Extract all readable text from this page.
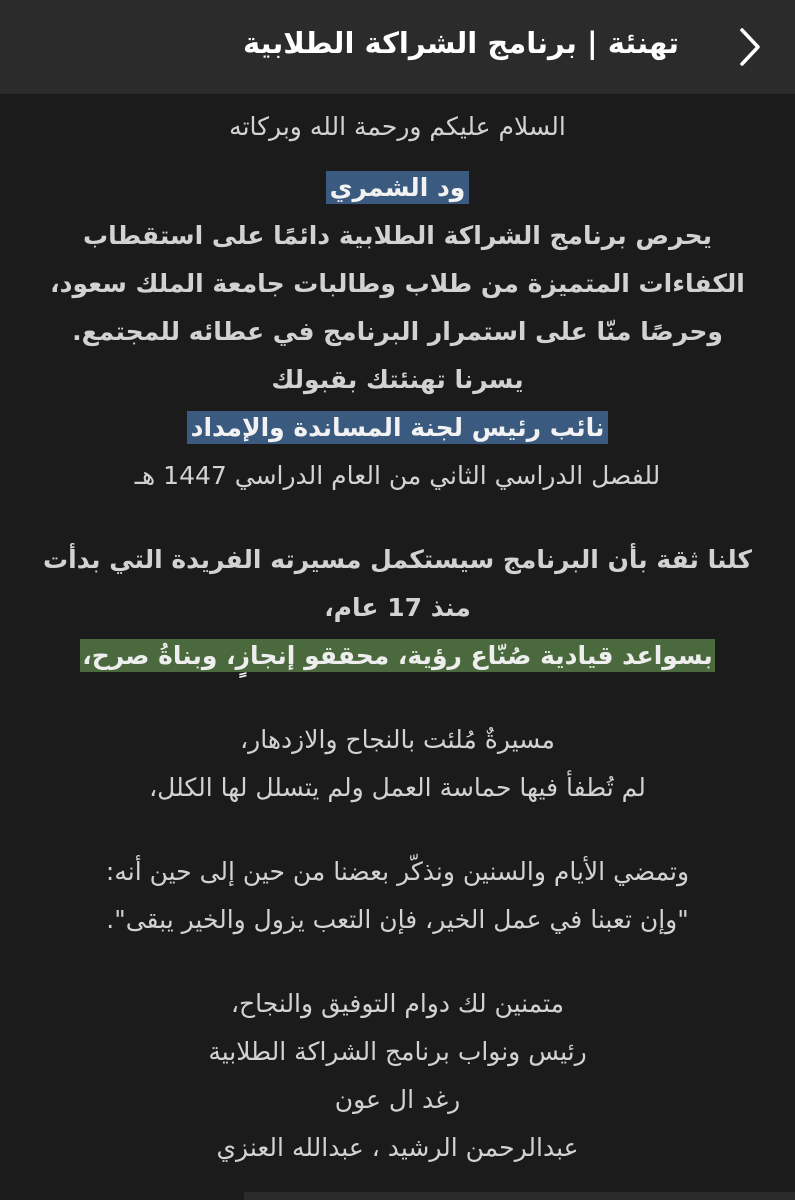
تهنئة | برنامج الشراكة الطلابية
السلام عليكم ورحمة الله وبركاته
ود الشمري
يحرص برنامج الشراكة الطلابية دائمًا على استقطاب
الكفاءات المتميزة من طلاب وطالبات جامعة الملك سعود،
وحرصًا منّا على استمرار البرنامج في عطائه للمجتمع.
يسرنا تهنئتك بقبولك
نائب رئيس لجنة المساندة والإمداد
للفصل الدراسي الثاني من العام الدراسي 1447 هـ
كلنا ثقة بأن البرنامج سيستكمل مسيرته الفريدة التي بدأت
منذ 17 عام،
بسواعد قيادية صُنّاع رؤية، محققو إنجازٍ، وبناةُ صرح،
مسيرةٌ مُلئت بالنجاح والازدهار،
لم تُطفأ فيها حماسة العمل ولم يتسلل لها الكلل،
وتمضي الأيام والسنين ونذكّر بعضنا من حين إلى حين أنه:
"وإن تعبنا في عمل الخير، فإن التعب يزول والخير يبقى".
متمنين لك دوام التوفيق والنجاح،
رئيس ونواب برنامج الشراكة الطلابية
رغد ال عون
عبدالرحمن الرشيد ، عبدالله العنزي
